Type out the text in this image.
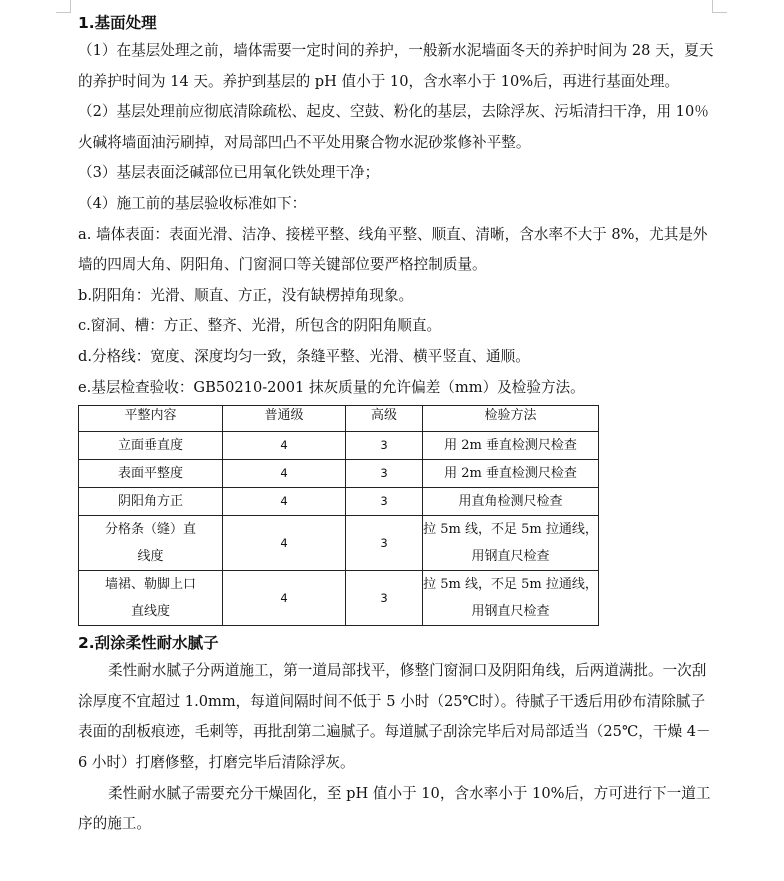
1.基面处理

（1）在基层处理之前，墙体需要一定时间的养护，一般新水泥墙面冬天的养护时间为 28 天，夏天的养护时间为 14 天。养护到基层的 pH 值小于 10，含水率小于 10%后，再进行基面处理。

（2）基层处理前应彻底清除疏松、起皮、空鼓、粉化的基层，去除浮灰、污垢清扫干净，用 10％火碱将墙面油污刷掉，对局部凹凸不平处用聚合物水泥砂浆修补平整。

（3）基层表面泛碱部位已用氧化铁处理干净；

（4）施工前的基层验收标准如下：

a. 墙体表面：表面光滑、洁净、接槎平整、线角平整、顺直、清晰，含水率不大于 8%，尤其是外墙的四周大角、阴阳角、门窗洞口等关键部位要严格控制质量。

b.阴阳角：光滑、顺直、方正，没有缺楞掉角现象。

c.窗洞、槽：方正、整齐、光滑，所包含的阴阳角顺直。

d.分格线：宽度、深度均匀一致，条缝平整、光滑、横平竖直、通顺。

e.基层检查验收：GB50210-2001 抹灰质量的允许偏差（mm）及检验方法。

平整内容	普通级	高级	检验方法
立面垂直度	4	3	用 2m 垂直检测尺检查
表面平整度	4	3	用 2m 垂直检测尺检查
阴阳角方正	4	3	用直角检测尺检查

分格条（缝）直
线度	4	3	拉 5m 线，不足 5m 拉通线，
用钢直尺检查

墙裙、勒脚上口
直线度	4	3	拉 5m 线，不足 5m 拉通线，
用钢直尺检查
2.刮涂柔性耐水腻子

柔性耐水腻子分两道施工，第一道局部找平，修整门窗洞口及阴阳角线，后两道满批。一次刮涂厚度不宜超过 1.0mm，每道间隔时间不低于 5 小时（25℃时）。待腻子干透后用砂布清除腻子表面的刮板痕迹，毛刺等，再批刮第二遍腻子。每道腻子刮涂完毕后对局部适当（25℃，干燥 4－6 小时）打磨修整，打磨完毕后清除浮灰。

柔性耐水腻子需要充分干燥固化，至 pH 值小于 10，含水率小于 10%后，方可进行下一道工序的施工。
